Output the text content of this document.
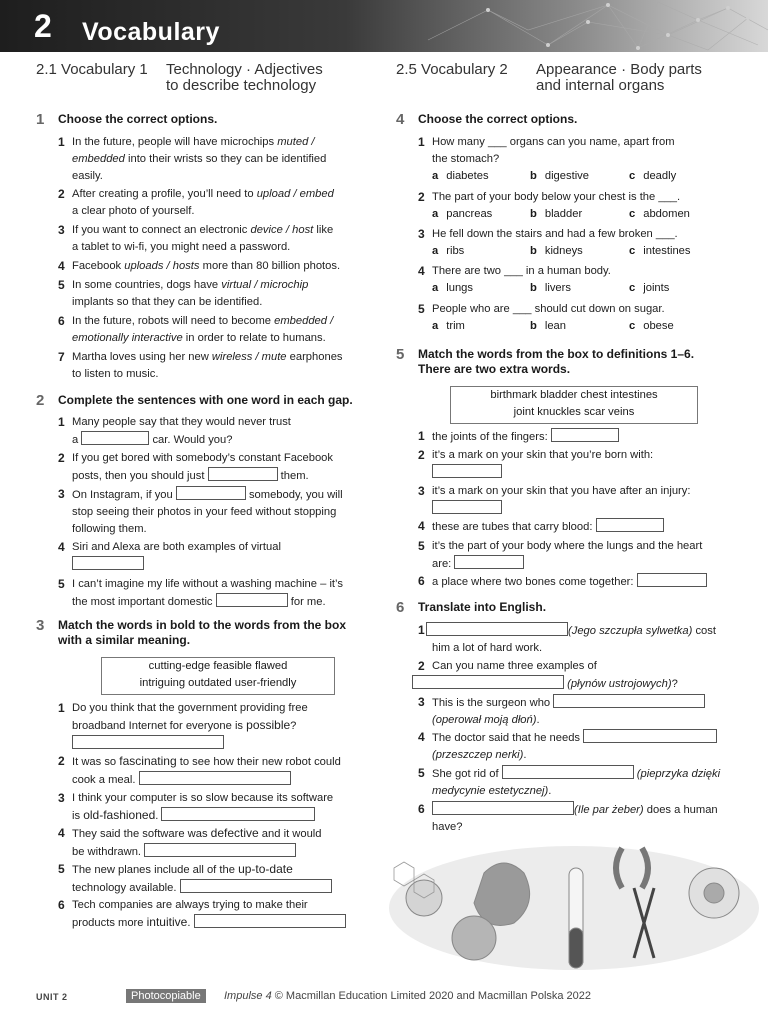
2 Vocabulary
2.1 Vocabulary 1 Technology · Adjectives
to describe technology
1 Choose the correct options.
1 In the future, people will have microchips muted /
embedded into their wrists so they can be identified
easily.
2 After creating a profile, you’ll need to upload / embed
a clear photo of yourself.
3 If you want to connect an electronic device / host like
a tablet to wi-fi, you might need a password.
4 Facebook uploads / hosts more than 80 billion photos.
5 In some countries, dogs have virtual / microchip
implants so that they can be identified.
6 In the future, robots will need to become embedded /
emotionally interactive in order to relate to humans.
7 Martha loves using her new wireless / mute earphones
to listen to music.
2 Complete the sentences with one word in each gap.
1 Many people say that they would never trust
a	car. Would you?
2 If you get bored with somebody’s constant Facebook
posts, then you should just	them.
3 On Instagram, if you	somebody, you will
stop seeing their photos in your feed without stopping
following them.
4 Siri and Alexa are both examples of virtual

5 I can’t imagine my life without a washing machine – it’s
the most important domestic	for me.
3 Match the words in bold to the words from the box
with a similar meaning.
cutting-edge feasible flawed
intriguing outdated user-friendly
1 Do you think that the government providing free
broadband Internet for everyone is possible?

2 It was so fascinating to see how their new robot could
cook a meal.
3 I think your computer is so slow because its software
is old-fashioned.
4 They said the software was defective and it would
be withdrawn.
5 The new planes include all of the up-to-date
technology available.
6 Tech companies are always trying to make their
products more intuitive.
2.5 Vocabulary 2 Appearance · Body parts
and internal organs
4 Choose the correct options.
1 How many ___ organs can you name, apart from
the stomach?
a diabetes	b digestive	c deadly
2 The part of your body below your chest is the ___.
a pancreas	b bladder	c abdomen
3 He fell down the stairs and had a few broken ___.
a ribs	b kidneys	c intestines
4 There are two ___ in a human body.
a lungs	b livers	c joints
5 People who are ___ should cut down on sugar.
a trim	b lean	c obese
5 Match the words from the box to definitions 1–6.
There are two extra words.
birthmark bladder chest intestines
joint knuckles scar veins
1 the joints of the fingers:
2 it’s a mark on your skin that you’re born with:

3 it’s a mark on your skin that you have after an injury:

4 these are tubes that carry blood:
5 it’s the part of your body where the lungs and the heart
are:
6 a place where two bones come together:
6 Translate into English.
1	(Jego szczupła sylwetka) cost
him a lot of hard work.
2 Can you name three examples of
(płynów ustrojowych)?
3 This is the surgeon who
(operował moją dłoń).
4 The doctor said that he needs
(przeszczep nerki).
5 She got rid of	(pieprzyka dzięki
medycynie estetycznej).
6	(Ile par żeber) does a human
have?
UNIT 2	Photocopiable	Impulse 4 © Macmillan Education Limited 2020 and Macmillan Polska 2022
